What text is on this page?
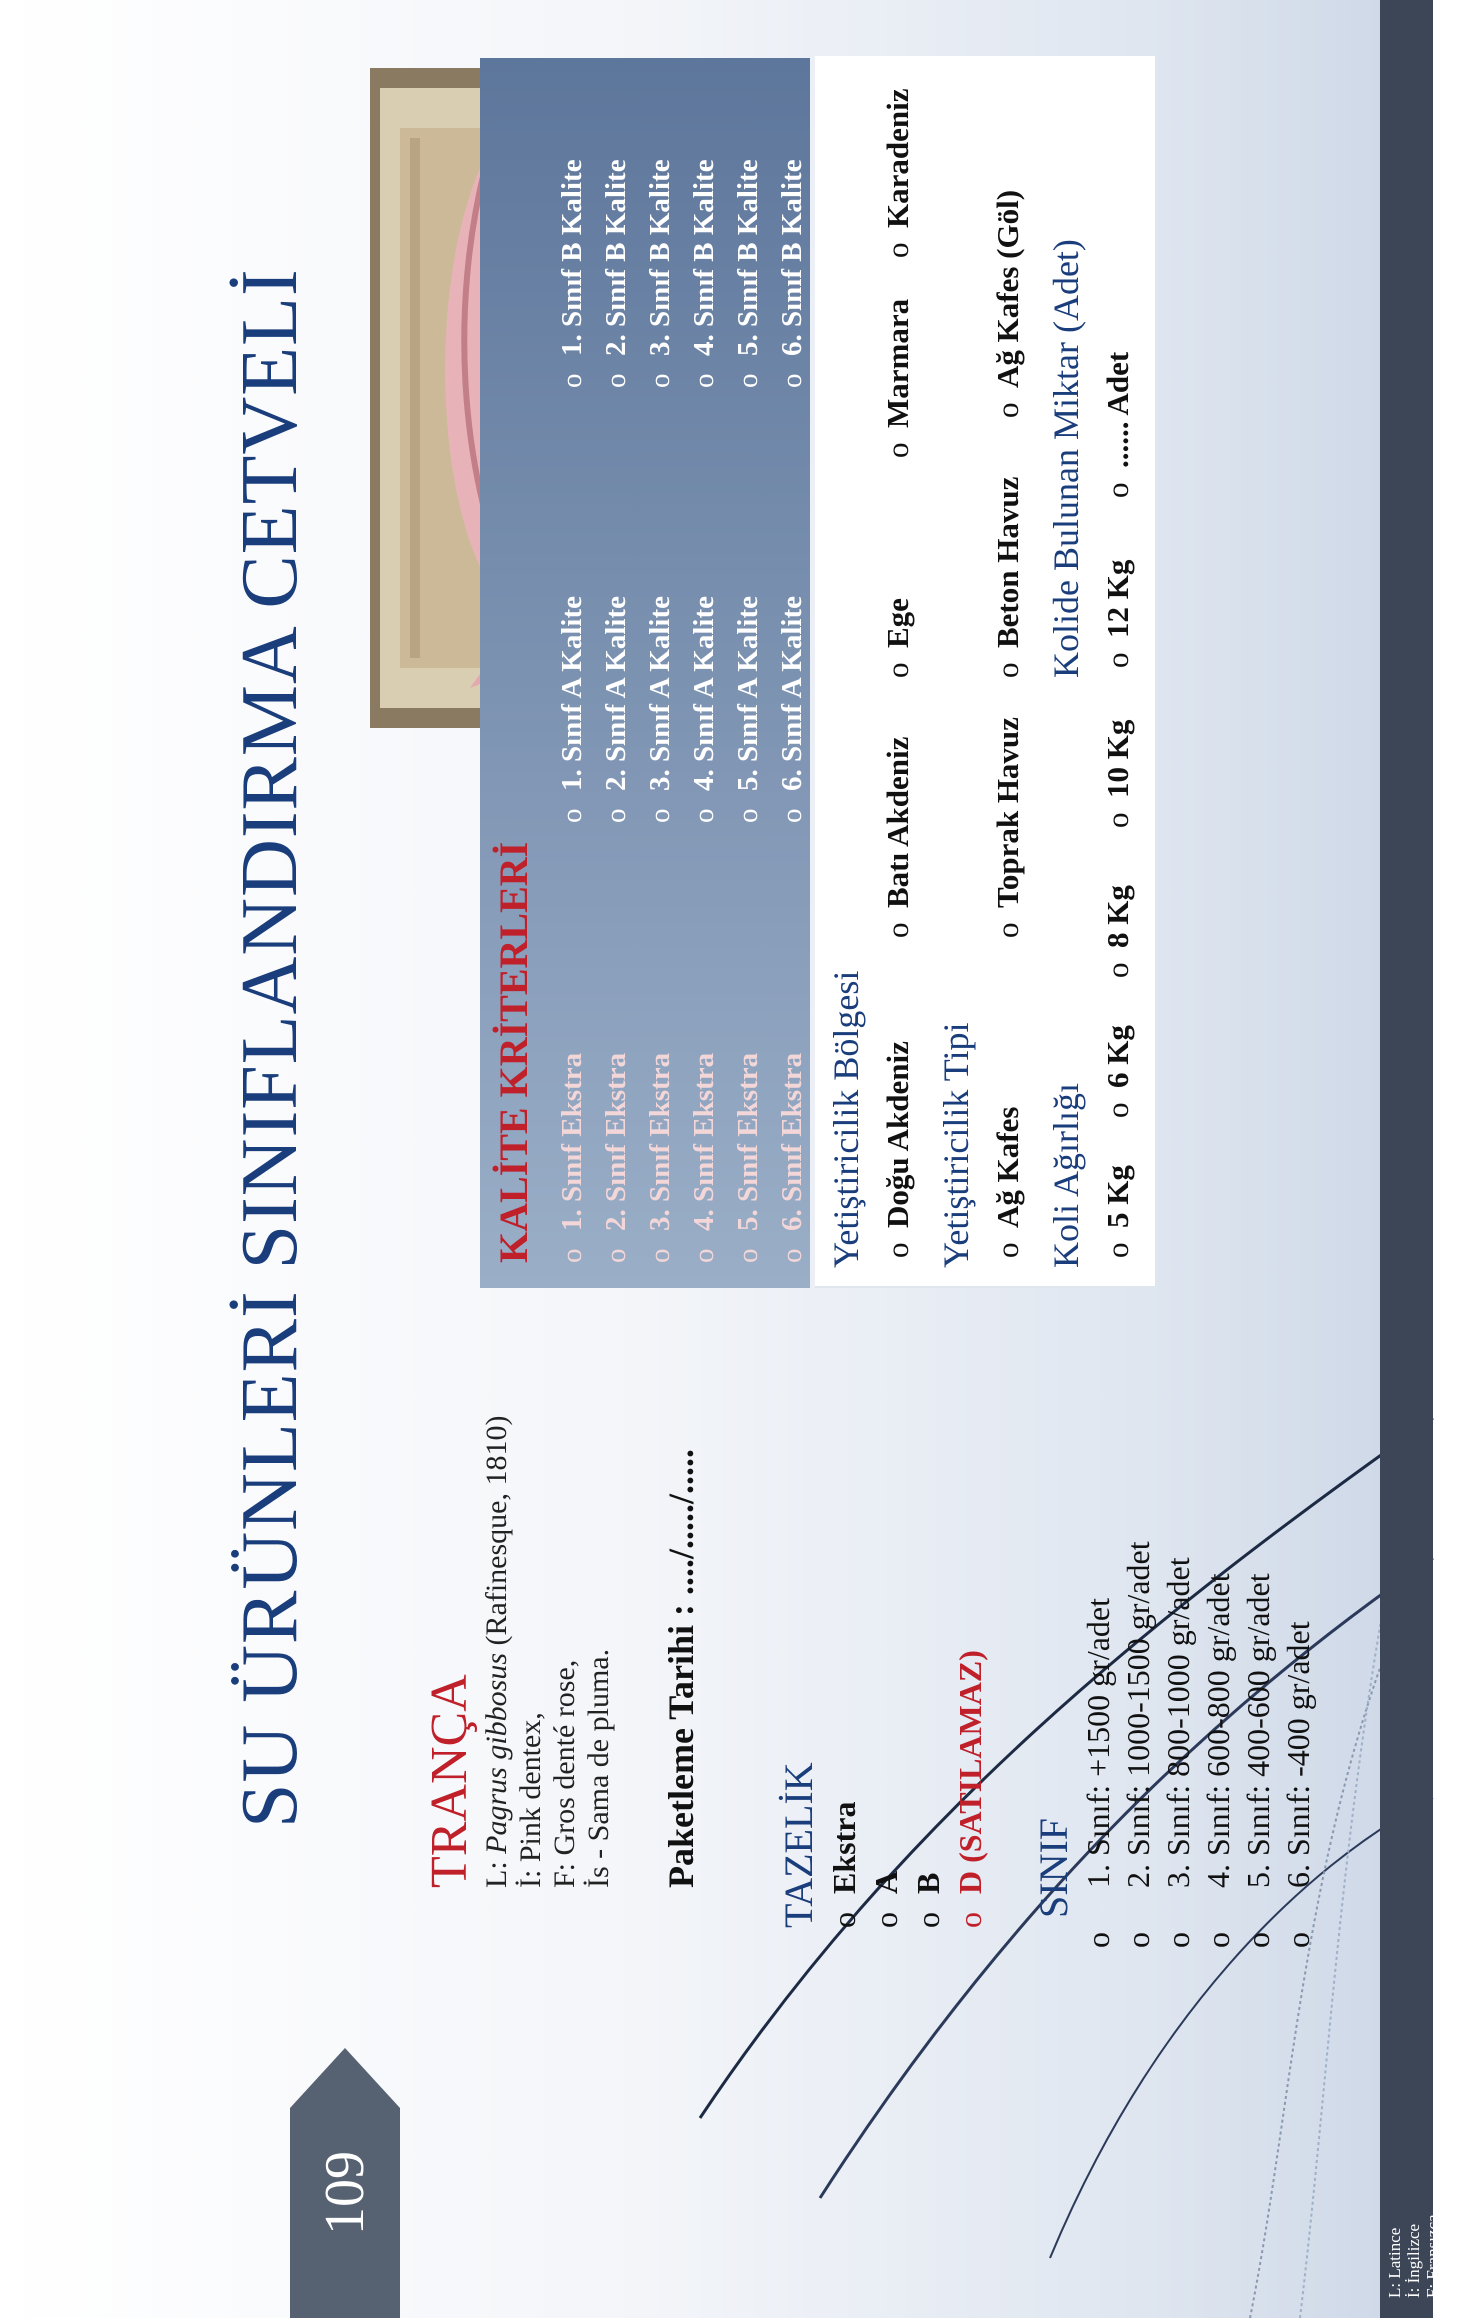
L: Latince İ: İngilizce F: Fransızca İs: İspanyolca
109
SU ÜRÜNLERİ SINIFLANDIRMA CETVELİ TRANÇA L: Pagrus gibbosus (Rafinesque, 1810)
İ: Pink dentex, F: Gros denté rose, İs - Sama de pluma. Paketleme Tarihi : ..../...../..... TAZELİK oEkstra
oA
oB
oD (SATILAMAZ) SINIF
o1. Sınıf: +1500 gr/adet
o2. Sınıf: 1000-1500 gr/adet
o3. Sınıf: 800-1000 gr/adet
o4. Sınıf: 600-800 gr/adet
o5. Sınıf: 400-600 gr/adet
o6. Sınıf: -400 gr/adet
KALİTE KRİTERLERİ o1. Sınıf Ekstra
o2. Sınıf Ekstra
o3. Sınıf Ekstra
o4. Sınıf Ekstra
o5. Sınıf Ekstra
o6. Sınıf Ekstra
o1. Sınıf A Kalite
o2. Sınıf A Kalite
o3. Sınıf A Kalite
o4. Sınıf A Kalite
o5. Sınıf A Kalite
o6. Sınıf A Kalite
o1. Sınıf B Kalite
o2. Sınıf B Kalite
o3. Sınıf B Kalite
o4. Sınıf B Kalite
o5. Sınıf B Kalite
o6. Sınıf B Kalite
Yetiştiricilik Bölgesi oDoğu Akdeniz
oBatı Akdeniz
oEge
oMarmara
oKaradeniz
Yetiştiricilik Tipi oAğ Kafes
oToprak Havuz
oBeton Havuz
oAğ Kafes (Göl)
Koli Ağırlığı
Kolide Bulunan Miktar (Adet)
o5 Kg
o6 Kg
o8 Kg
o10 Kg
o12 Kg
o...... Adet
